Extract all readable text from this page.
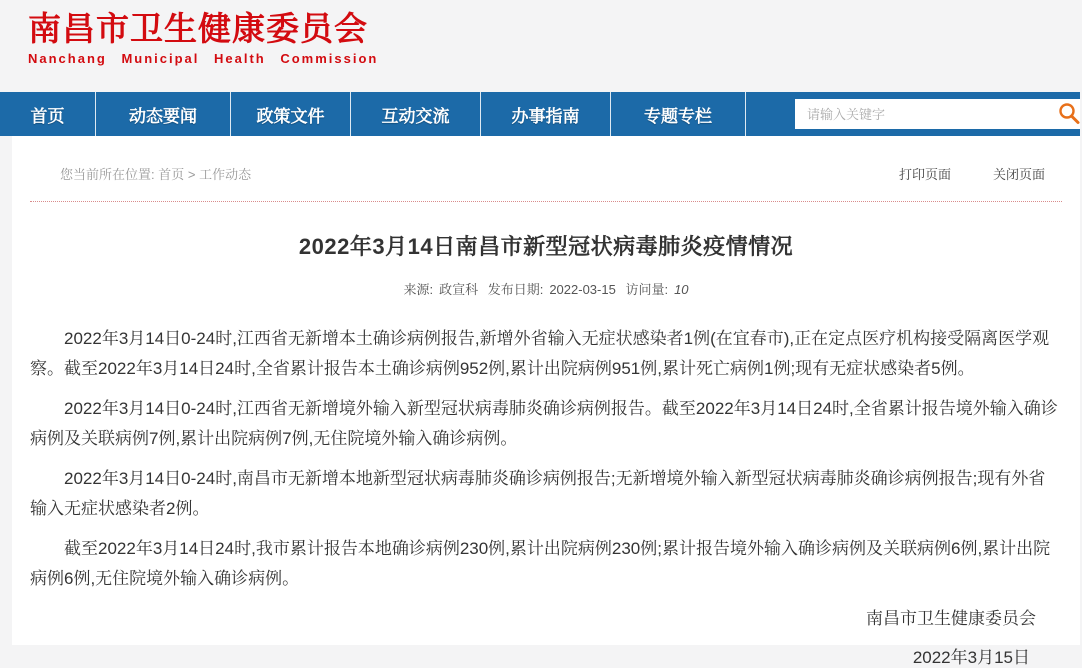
南昌市卫生健康委员会
Nanchang Municipal Health Commission
首页	动态要闻	政策文件	互动交流	办事指南	专题专栏
请输入关键字
您当前所在位置: 首页 > 工作动态	打印页面	关闭页面
2022年3月14日南昌市新型冠状病毒肺炎疫情情况
来源: 政宣科 发布日期: 2022-03-15 访问量: 10

2022年3月14日0-24时,江西省无新增本土确诊病例报告,新增外省输入无症状感染者1例(在宜春市),正在定点医疗机构接受隔离医学观察。截至2022年3月14日24时,全省累计报告本土确诊病例952例,累计出院病例951例,累计死亡病例1例;现有无症状感染者5例。

2022年3月14日0-24时,江西省无新增境外输入新型冠状病毒肺炎确诊病例报告。截至2022年3月14日24时,全省累计报告境外输入确诊病例及关联病例7例,累计出院病例7例,无住院境外输入确诊病例。

2022年3月14日0-24时,南昌市无新增本地新型冠状病毒肺炎确诊病例报告;无新增境外输入新型冠状病毒肺炎确诊病例报告;现有外省输入无症状感染者2例。

截至2022年3月14日24时,我市累计报告本地确诊病例230例,累计出院病例230例;累计报告境外输入确诊病例及关联病例6例,累计出院病例6例,无住院境外输入确诊病例。

南昌市卫生健康委员会
2022年3月15日
